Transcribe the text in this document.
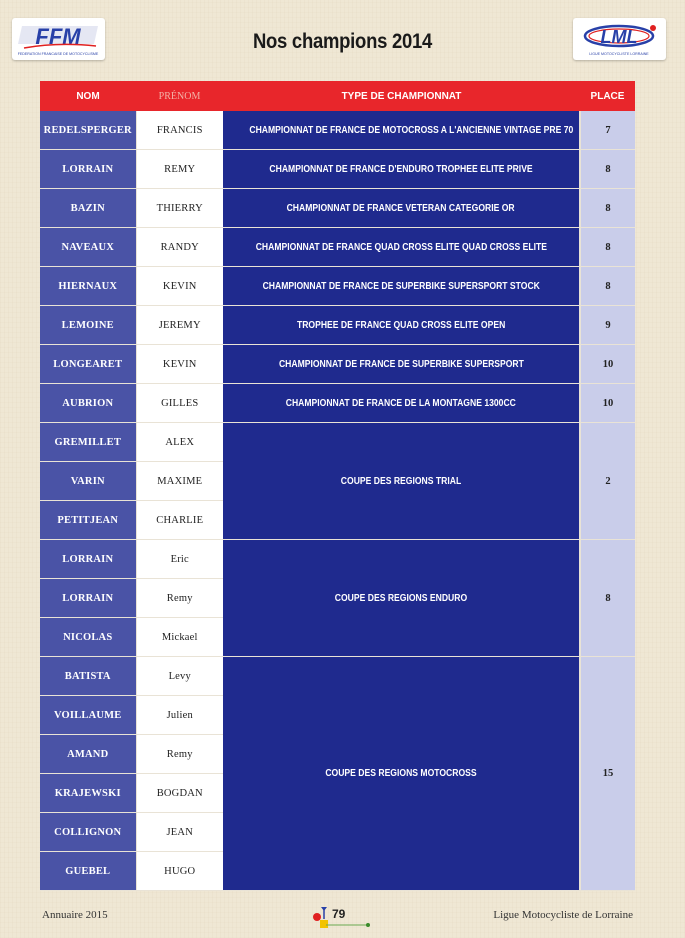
FFM
FEDERATION FRANCAISE DE MOTOCYCLISME
Nos champions 2014	LML
LIGUE MOTOCYCLISTE LORRAINE
NOM	PRÉNOM	TYPE DE CHAMPIONNAT	PLACE
REDELSPERGER	FRANCIS	CHAMPIONNAT DE FRANCE DE MOTOCROSS A L'ANCIENNE VINTAGE PRE 70	7
LORRAIN	REMY	CHAMPIONNAT DE FRANCE D'ENDURO TROPHEE ELITE PRIVE	8
BAZIN	THIERRY	CHAMPIONNAT DE FRANCE VETERAN CATEGORIE OR	8
NAVEAUX	RANDY	CHAMPIONNAT DE FRANCE QUAD CROSS ELITE QUAD CROSS ELITE	8
HIERNAUX	KEVIN	CHAMPIONNAT DE FRANCE DE SUPERBIKE SUPERSPORT STOCK	8
LEMOINE	JEREMY	TROPHEE DE FRANCE QUAD CROSS ELITE OPEN	9
LONGEARET	KEVIN	CHAMPIONNAT DE FRANCE DE SUPERBIKE SUPERSPORT	10
AUBRION	GILLES	CHAMPIONNAT DE FRANCE DE LA MONTAGNE 1300CC	10
GREMILLET	ALEX	COUPE DES REGIONS TRIAL	2
VARIN	MAXIME		
PETITJEAN	CHARLIE		
LORRAIN	Eric	COUPE DES REGIONS ENDURO	8
LORRAIN	Remy		
NICOLAS	Mickael		
BATISTA	Levy	COUPE DES REGIONS MOTOCROSS	15
VOILLAUME	Julien		
AMAND	Remy		
KRAJEWSKI	BOGDAN		
COLLIGNON	JEAN		
GUEBEL	HUGO		
Annuaire 2015	79	Ligue Motocycliste de Lorraine
